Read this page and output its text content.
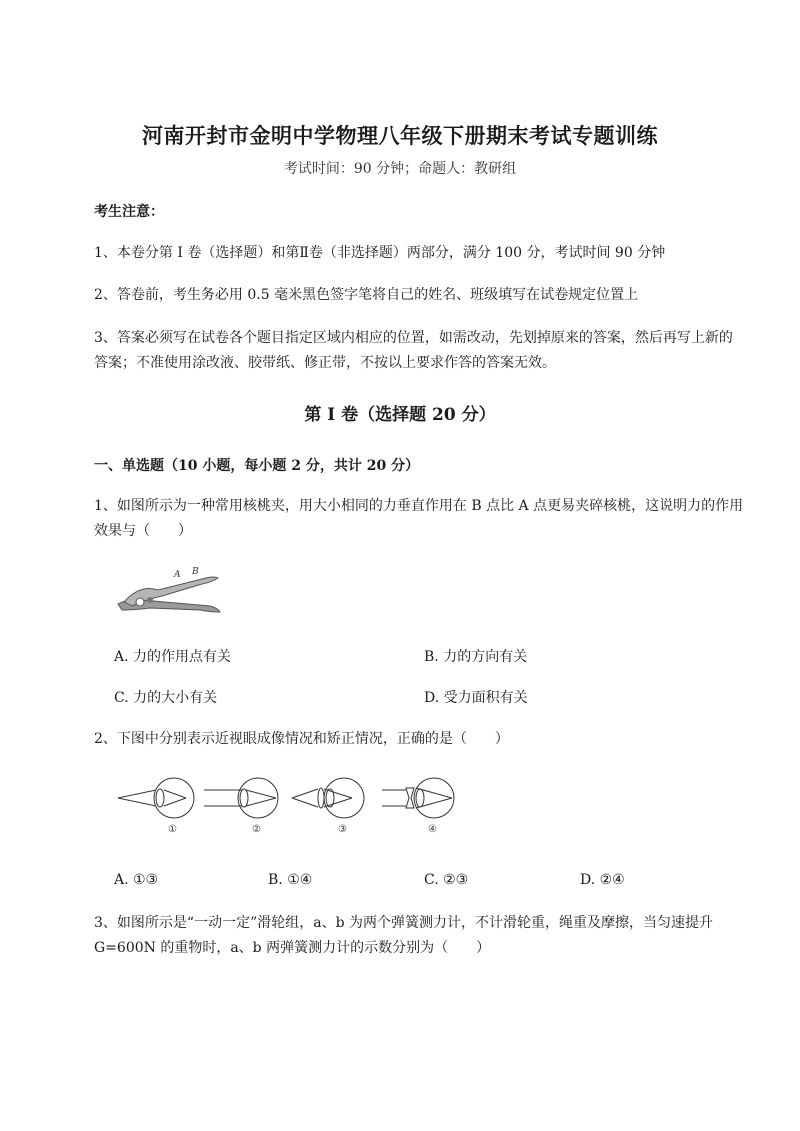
河南开封市金明中学物理八年级下册期末考试专题训练
考试时间：90 分钟；命题人：教研组
考生注意：
1、本卷分第 I 卷（选择题）和第Ⅱ卷（非选择题）两部分，满分 100 分，考试时间 90 分钟
2、答卷前，考生务必用 0.5 毫米黑色签字笔将自己的姓名、班级填写在试卷规定位置上
3、答案必须写在试卷各个题目指定区域内相应的位置，如需改动，先划掉原来的答案，然后再写上新的答案；不准使用涂改液、胶带纸、修正带，不按以上要求作答的答案无效。
第 I 卷（选择题 20 分）
一、单选题（10 小题，每小题 2 分，共计 20 分）
1、如图所示为一种常用核桃夹，用大小相同的力垂直作用在 B 点比 A 点更易夹碎核桃，这说明力的作用效果与（　　）
A B
A. 力的作用点有关	B. 力的方向有关
C. 力的大小有关	D. 受力面积有关
2、下图中分别表示近视眼成像情况和矫正情况，正确的是（　　）
①	②	③	④
A. ①③	B. ①④	C. ②③	D. ②④
3、如图所示是“一动一定”滑轮组，a、b 为两个弹簧测力计，不计滑轮重，绳重及摩擦，当匀速提升 G=600N 的重物时，a、b 两弹簧测力计的示数分别为（　　）
